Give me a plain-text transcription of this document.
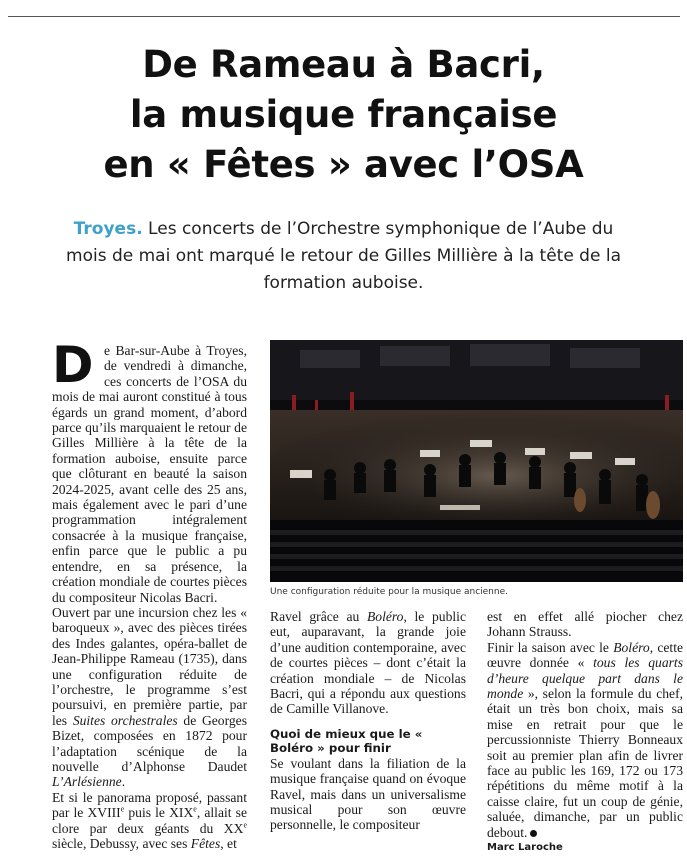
De Rameau à Bacri,
la musique française
en « Fêtes » avec l’OSA

Troyes. Les concerts de l’Orchestre symphonique de l’Aube du mois de mai ont marqué le retour de Gilles Millière à la tête de la formation auboise.

De Bar-sur-Aube à Troyes, de vendredi à dimanche, ces concerts de l’OSA du mois de mai auront constitué à tous égards un grand moment, d’abord parce qu’ils marquaient le retour de Gilles Millière à la tête de la formation auboise, ensuite parce que clôturant en beauté la saison 2024-2025, avant celle des 25 ans, mais également avec le pari d’une programmation intégralement consacrée à la musique française, enfin parce que le public a pu entendre, en sa présence, la création mondiale de courtes pièces du compositeur Nicolas Bacri.

Ouvert par une incursion chez les « baroqueux », avec des pièces tirées des Indes galantes, opéra-ballet de Jean-Philippe Rameau (1735), dans une configuration réduite de l’orchestre, le programme s’est poursuivi, en première partie, par les Suites orchestrales de Georges Bizet, composées en 1872 pour l’adaptation scénique de la nouvelle d’Alphonse Daudet L’Arlésienne.

Et si le panorama proposé, passant par le XVIIIe puis le XIXe, allait se clore par deux géants du XXe siècle, Debussy, avec ses Fêtes, et

Une configuration réduite pour la musique ancienne.

Ravel grâce au Boléro, le public eut, auparavant, la grande joie d’une audition contemporaine, avec de courtes pièces – dont c’était la création mondiale – de Nicolas Bacri, qui a répondu aux questions de Camille Villanove.

Quoi de mieux que le « Boléro » pour finir

Se voulant dans la filiation de la musique française quand on évoque Ravel, mais dans un universalisme musical pour son œuvre personnelle, le compositeur

est en effet allé piocher chez Johann Strauss.

Finir la saison avec le Boléro, cette œuvre donnée « tous les quarts d’heure quelque part dans le monde », selon la formule du chef, était un très bon choix, mais sa mise en retrait pour que le percussionniste Thierry Bonneaux soit au premier plan afin de livrer face au public les 169, 172 ou 173 répétitions du même motif à la caisse claire, fut un coup de génie, saluée, dimanche, par un public debout.

Marc Laroche
